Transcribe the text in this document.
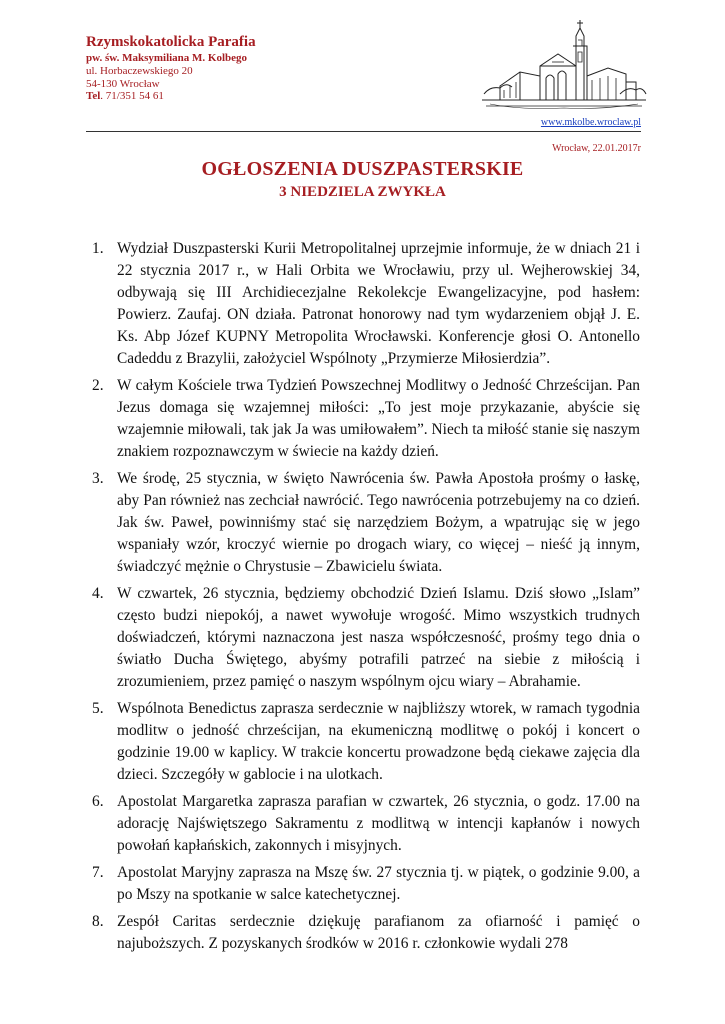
Rzymskokatolicka Parafia
pw. św. Maksymiliana M. Kolbego
ul. Horbaczewskiego 20
54-130 Wrocław
Tel. 71/351 54 61
www.mkolbe.wroclaw.pl
Wrocław, 22.01.2017r
OGŁOSZENIA DUSZPASTERSKIE
3 NIEDZIELA ZWYKŁA
1. Wydział Duszpasterski Kurii Metropolitalnej uprzejmie informuje, że w dniach 21 i 22 stycznia 2017 r., w Hali Orbita we Wrocławiu, przy ul. Wejherowskiej 34, odbywają się III Archidiecezjalne Rekolekcje Ewangelizacyjne, pod hasłem: Powierz. Zaufaj. ON działa. Patronat honorowy nad tym wydarzeniem objął J. E. Ks. Abp Józef KUPNY Metropolita Wrocławski. Konferencje głosi O. Antonello Cadeddu z Brazylii, założyciel Wspólnoty „Przymierze Miłosierdzia”.
2. W całym Kościele trwa Tydzień Powszechnej Modlitwy o Jedność Chrześcijan. Pan Jezus domaga się wzajemnej miłości: „To jest moje przykazanie, abyście się wzajemnie miłowali, tak jak Ja was umiłowałem”. Niech ta miłość stanie się naszym znakiem rozpoznawczym w świecie na każdy dzień.
3. We środę, 25 stycznia, w święto Nawrócenia św. Pawła Apostoła prośmy o łaskę, aby Pan również nas zechciał nawrócić. Tego nawrócenia potrzebujemy na co dzień. Jak św. Paweł, powinniśmy stać się narzędziem Bożym, a wpatrując się w jego wspaniały wzór, kroczyć wiernie po drogach wiary, co więcej – nieść ją innym, świadczyć mężnie o Chrystusie – Zbawicielu świata.
4. W czwartek, 26 stycznia, będziemy obchodzić Dzień Islamu. Dziś słowo „Islam” często budzi niepokój, a nawet wywołuje wrogość. Mimo wszystkich trudnych doświadczeń, którymi naznaczona jest nasza współczesność, prośmy tego dnia o światło Ducha Świętego, abyśmy potrafili patrzeć na siebie z miłością i zrozumieniem, przez pamięć o naszym wspólnym ojcu wiary – Abrahamie.
5. Wspólnota Benedictus zaprasza serdecznie w najbliższy wtorek, w ramach tygodnia modlitw o jedność chrześcijan, na ekumeniczną modlitwę o pokój i koncert o godzinie 19.00 w kaplicy. W trakcie koncertu prowadzone będą ciekawe zajęcia dla dzieci. Szczegóły w gablocie i na ulotkach.
6. Apostolat Margaretka zaprasza parafian w czwartek, 26 stycznia, o godz. 17.00 na adorację Najświętszego Sakramentu z modlitwą w intencji kapłanów i nowych powołań kapłańskich, zakonnych i misyjnych.
7. Apostolat Maryjny zaprasza na Mszę św. 27 stycznia tj. w piątek, o godzinie 9.00, a po Mszy na spotkanie w salce katechetycznej.
8. Zespół Caritas serdecznie dziękuję parafianom za ofiarność i pamięć o najuboższych. Z pozyskanych środków w 2016 r. członkowie wydali 278
